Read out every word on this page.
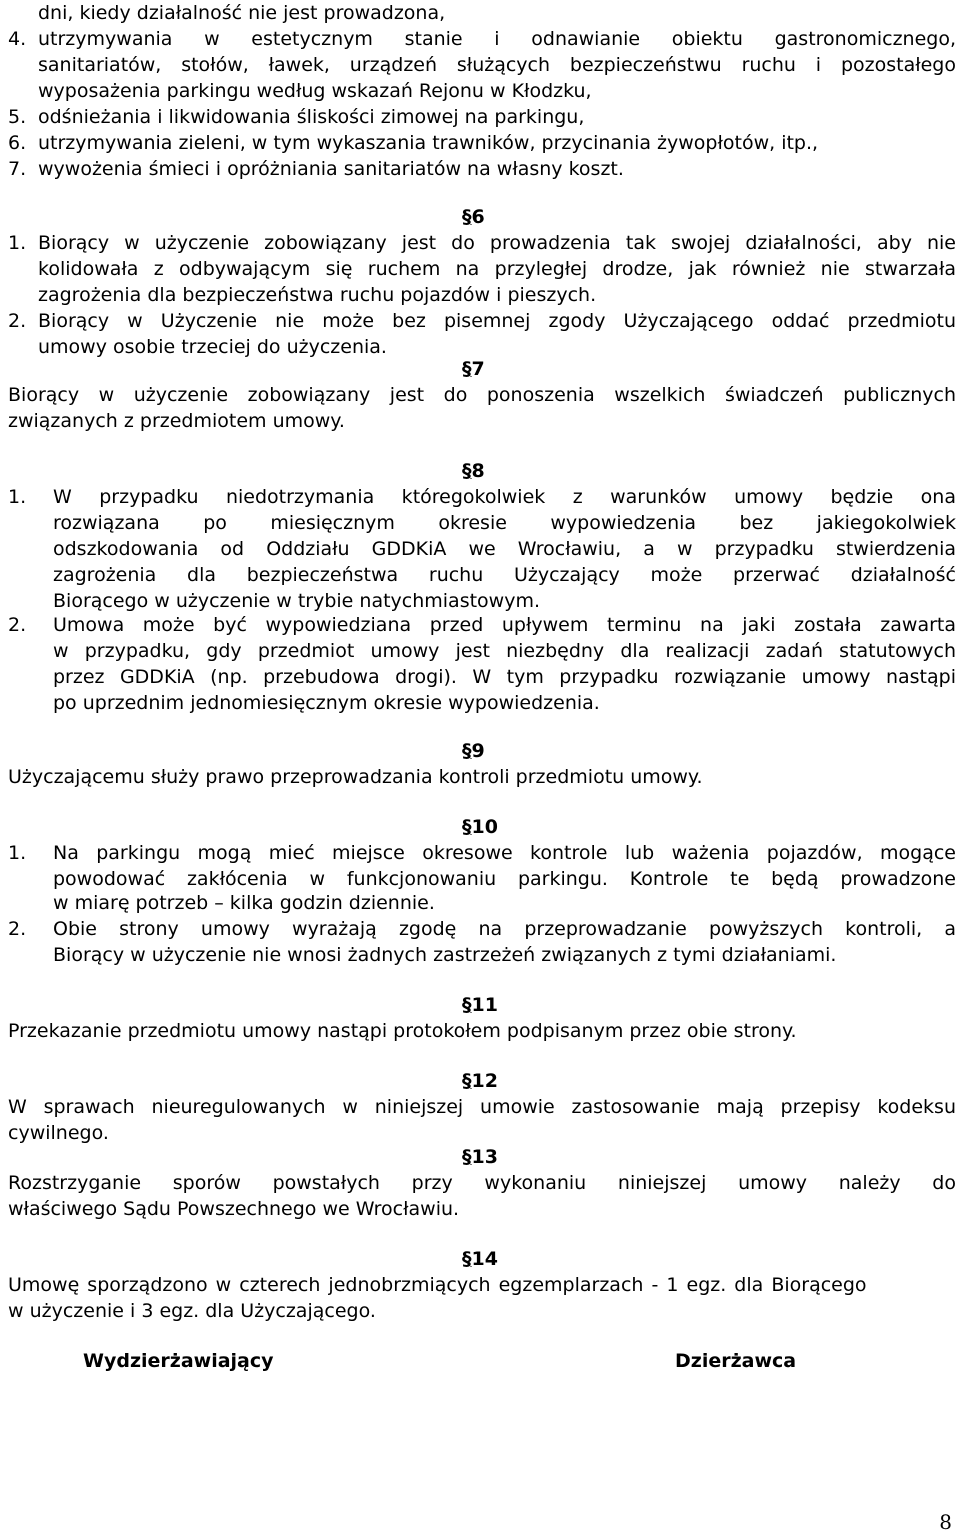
dni, kiedy działalność nie jest prowadzona,
4. utrzymywania w estetycznym stanie i odnawianie obiektu gastronomicznego,
sanitariatów, stołów, ławek, urządzeń służących bezpieczeństwu ruchu i pozostałego
wyposażenia parkingu według wskazań Rejonu w Kłodzku,
5. odśnieżania i likwidowania śliskości zimowej na parkingu,
6. utrzymywania zieleni, w tym wykaszania trawników, przycinania żywopłotów, itp.,
7. wywożenia śmieci i opróżniania sanitariatów na własny koszt.
§6
1. Biorący w użyczenie zobowiązany jest do prowadzenia tak swojej działalności, aby nie
kolidowała z odbywającym się ruchem na przyległej drodze, jak również nie stwarzała
zagrożenia dla bezpieczeństwa ruchu pojazdów i pieszych.
2. Biorący w Użyczenie nie może bez pisemnej zgody Użyczającego oddać przedmiotu
umowy osobie trzeciej do użyczenia.
§7
Biorący w użyczenie zobowiązany jest do ponoszenia wszelkich świadczeń publicznych
związanych z przedmiotem umowy.
§8
1. W przypadku niedotrzymania któregokolwiek z warunków umowy będzie ona
rozwiązana po miesięcznym okresie wypowiedzenia bez jakiegokolwiek
odszkodowania od Oddziału GDDKiA we Wrocławiu, a w przypadku stwierdzenia
zagrożenia dla bezpieczeństwa ruchu Użyczający może przerwać działalność
Biorącego w użyczenie w trybie natychmiastowym.
2. Umowa może być wypowiedziana przed upływem terminu na jaki została zawarta
w przypadku, gdy przedmiot umowy jest niezbędny dla realizacji zadań statutowych
przez GDDKiA (np. przebudowa drogi). W tym przypadku rozwiązanie umowy nastąpi
po uprzednim jednomiesięcznym okresie wypowiedzenia.
§9
Użyczającemu służy prawo przeprowadzania kontroli przedmiotu umowy.
§10
1. Na parkingu mogą mieć miejsce okresowe kontrole lub ważenia pojazdów, mogące
powodować zakłócenia w funkcjonowaniu parkingu. Kontrole te będą prowadzone
w miarę potrzeb – kilka godzin dziennie.
2. Obie strony umowy wyrażają zgodę na przeprowadzanie powyższych kontroli, a
Biorący w użyczenie nie wnosi żadnych zastrzeżeń związanych z tymi działaniami.
§11
Przekazanie przedmiotu umowy nastąpi protokołem podpisanym przez obie strony.
§12
W sprawach nieuregulowanych w niniejszej umowie zastosowanie mają przepisy kodeksu
cywilnego.
§13
Rozstrzyganie sporów powstałych przy wykonaniu niniejszej umowy należy do
właściwego Sądu Powszechnego we Wrocławiu.
§14
Umowę sporządzono w czterech jednobrzmiących egzemplarzach - 1 egz. dla Biorącego
w użyczenie i 3 egz. dla Użyczającego.
Wydzierżawiający	Dzierżawca
8
